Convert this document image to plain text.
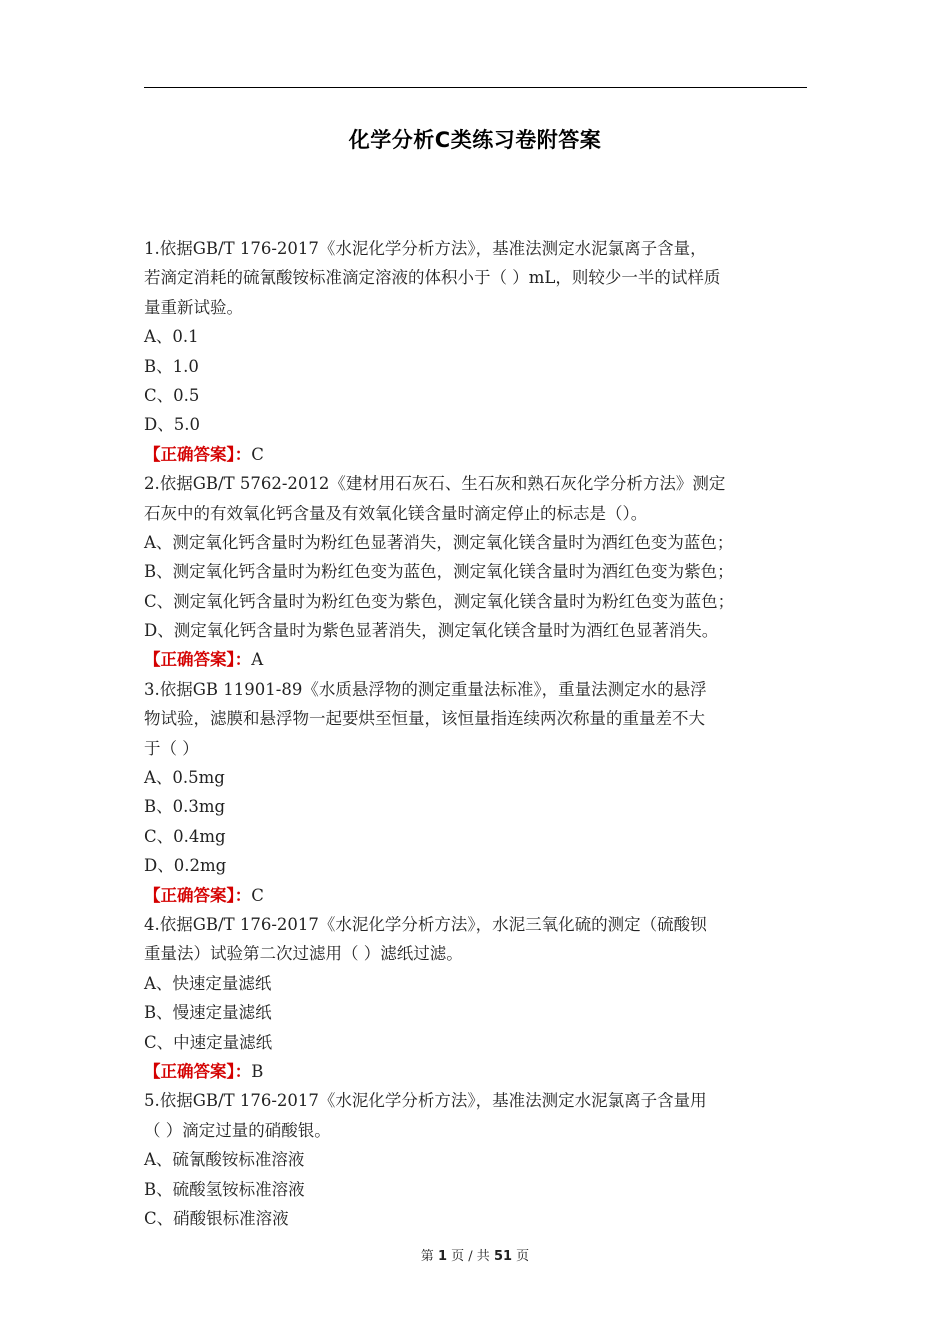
化学分析C类练习卷附答案
1.依据GB/T 176-2017《水泥化学分析方法》，基准法测定水泥氯离子含量，
若滴定消耗的硫氰酸铵标准滴定溶液的体积小于（ ）mL，则较少一半的试样质
量重新试验。
A、0.1
B、1.0
C、0.5
D、5.0
【正确答案】：C
2.依据GB/T 5762-2012《建材用石灰石、生石灰和熟石灰化学分析方法》测定
石灰中的有效氧化钙含量及有效氧化镁含量时滴定停止的标志是（）。
A、测定氧化钙含量时为粉红色显著消失，测定氧化镁含量时为酒红色变为蓝色；
B、测定氧化钙含量时为粉红色变为蓝色，测定氧化镁含量时为酒红色变为紫色；
C、测定氧化钙含量时为粉红色变为紫色，测定氧化镁含量时为粉红色变为蓝色；
D、测定氧化钙含量时为紫色显著消失，测定氧化镁含量时为酒红色显著消失。
【正确答案】：A
3.依据GB 11901-89《水质悬浮物的测定重量法标准》，重量法测定水的悬浮
物试验，滤膜和悬浮物一起要烘至恒量，该恒量指连续两次称量的重量差不大
于（ ）
A、0.5mg
B、0.3mg
C、0.4mg
D、0.2mg
【正确答案】：C
4.依据GB/T 176-2017《水泥化学分析方法》，水泥三氧化硫的测定（硫酸钡
重量法）试验第二次过滤用（ ）滤纸过滤。
A、快速定量滤纸
B、慢速定量滤纸
C、中速定量滤纸
【正确答案】：B
5.依据GB/T 176-2017《水泥化学分析方法》，基准法测定水泥氯离子含量用
（ ）滴定过量的硝酸银。
A、硫氰酸铵标准溶液
B、硫酸氢铵标准溶液
C、硝酸银标准溶液
第 1 页 / 共 51 页
